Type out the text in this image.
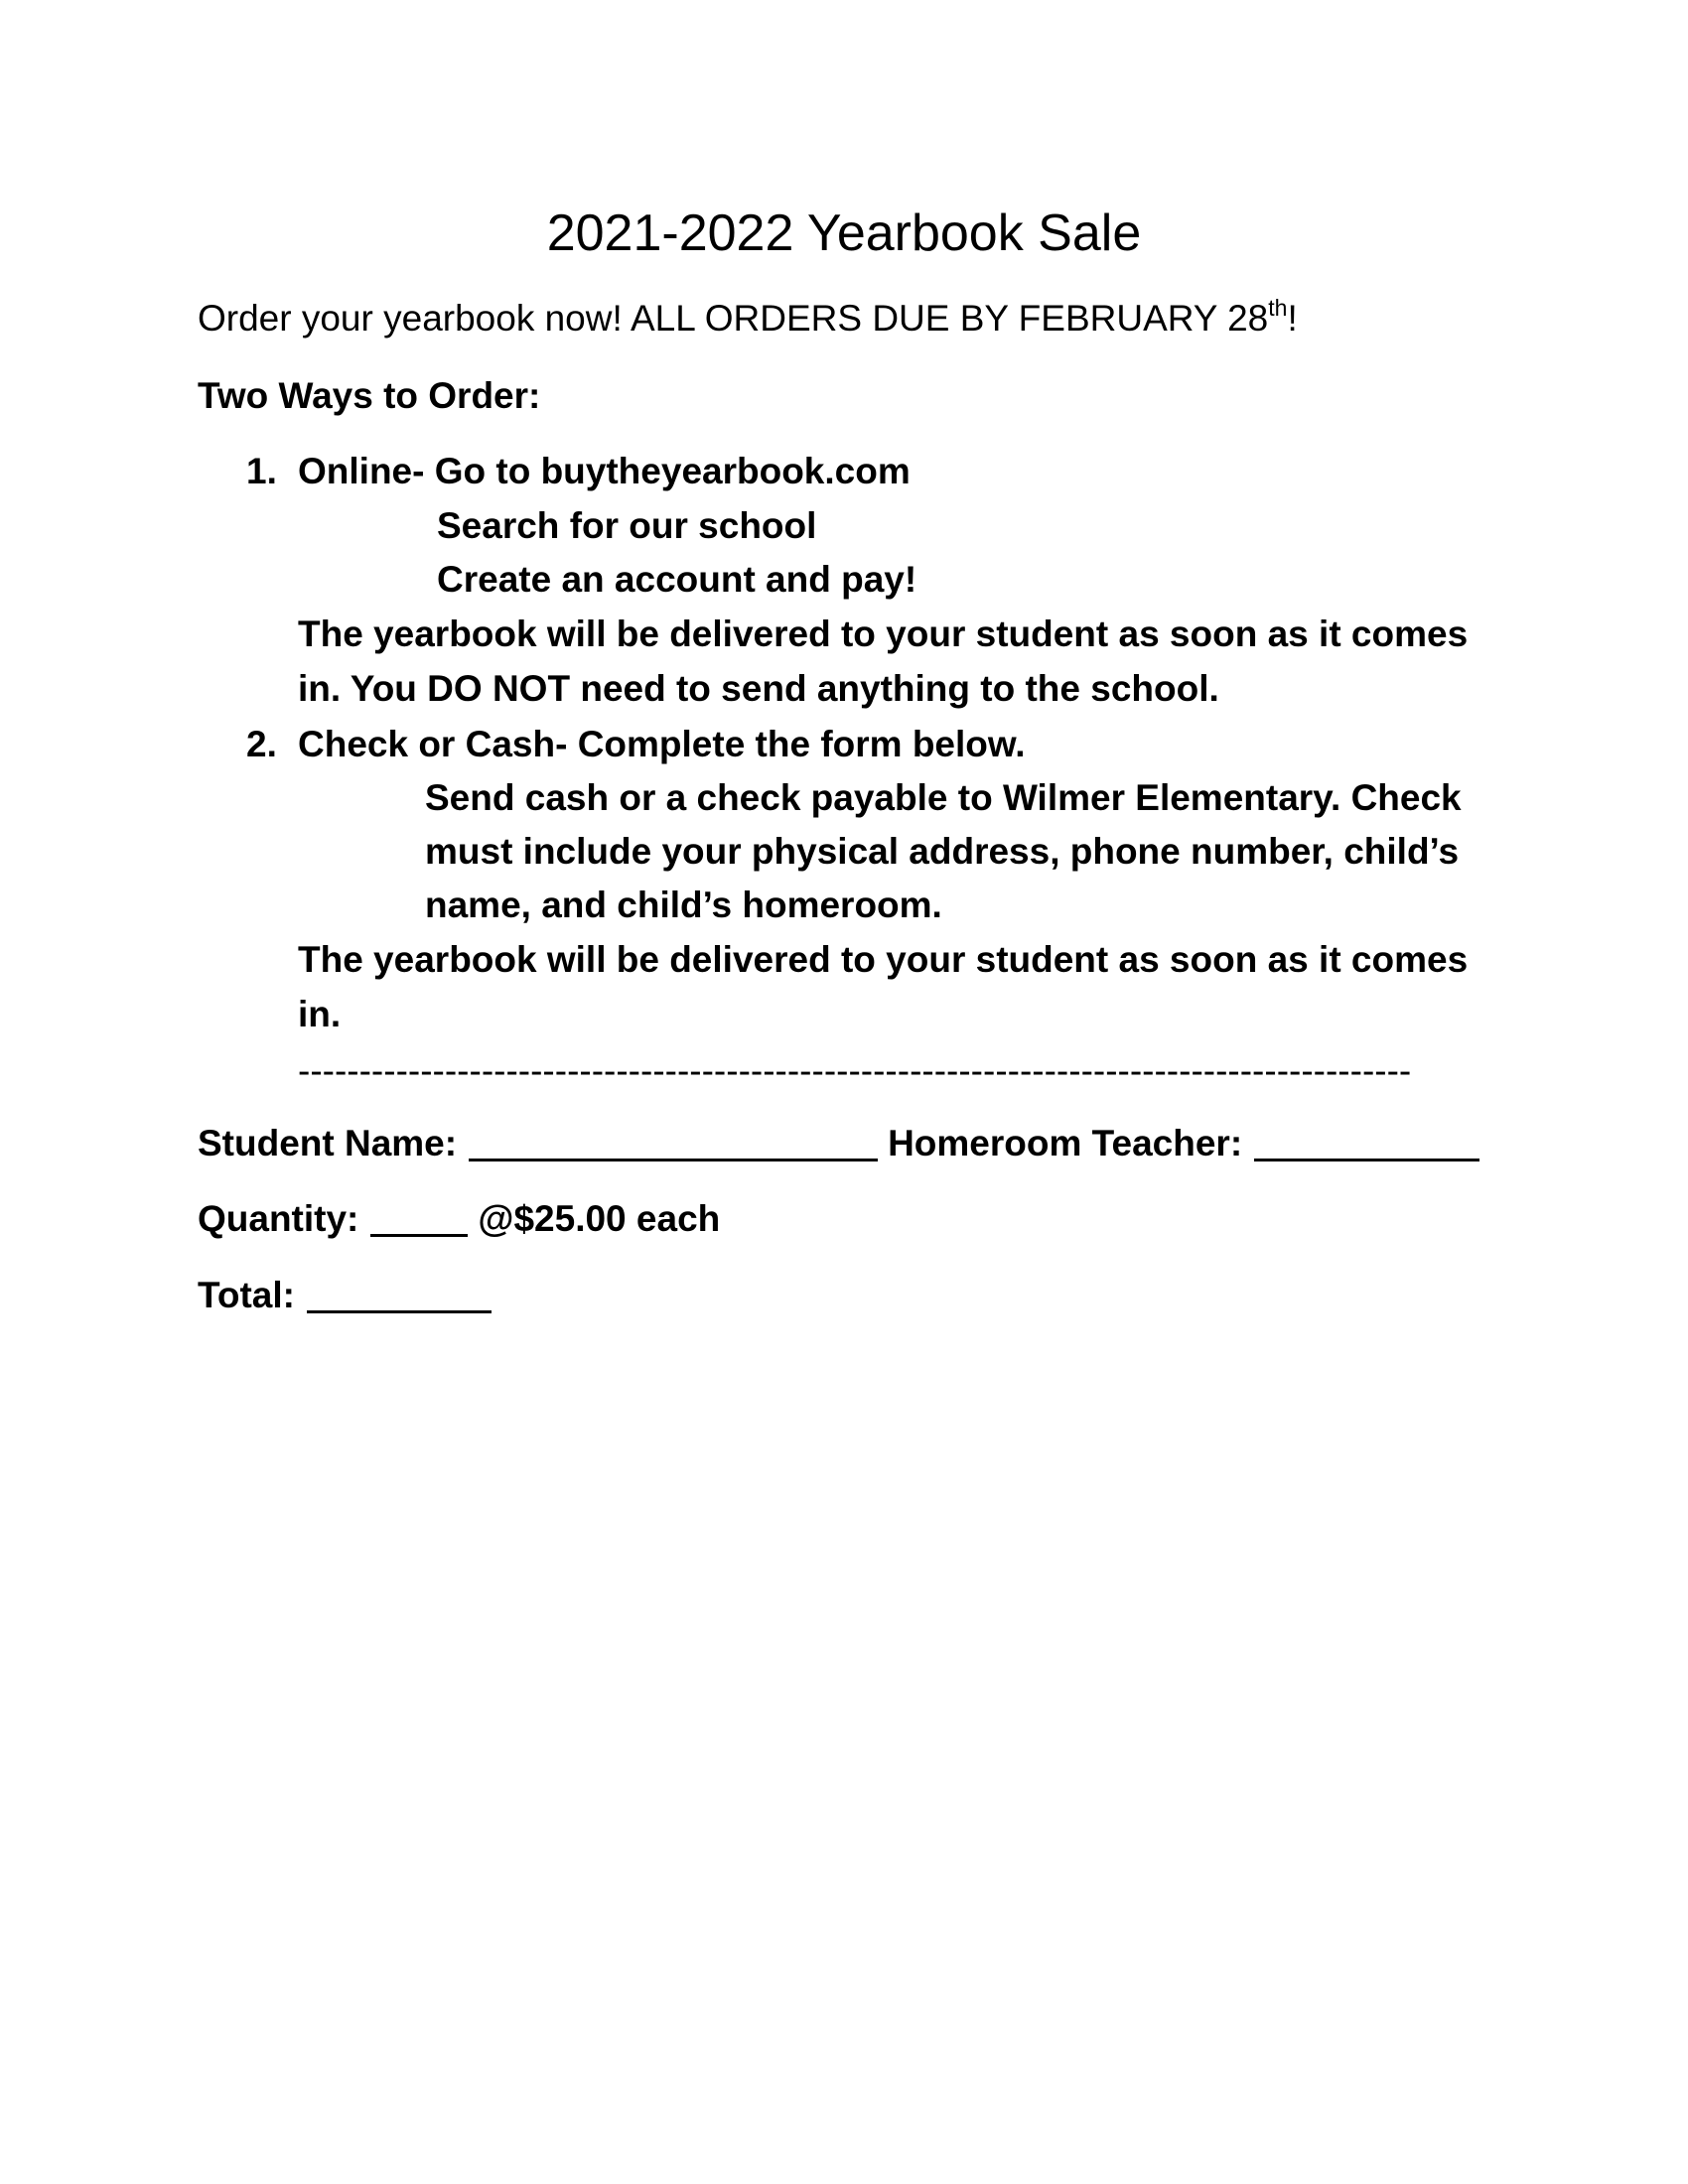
2021-2022 Yearbook Sale
Order your yearbook now! ALL ORDERS DUE BY FEBRUARY 28th!
Two Ways to Order:
1. Online- Go to buytheyearbook.com
Search for our school
Create an account and pay!
The yearbook will be delivered to your student as soon as it comes
in. You DO NOT need to send anything to the school.
2. Check or Cash- Complete the form below.
Send cash or a check payable to Wilmer Elementary. Check
must include your physical address, phone number, child’s
name, and child’s homeroom.
The yearbook will be delivered to your student as soon as it comes
in.
-------------------------------------------------------------------------------------------
Student Name:	Homeroom Teacher:
Quantity:	@$25.00 each
Total:
